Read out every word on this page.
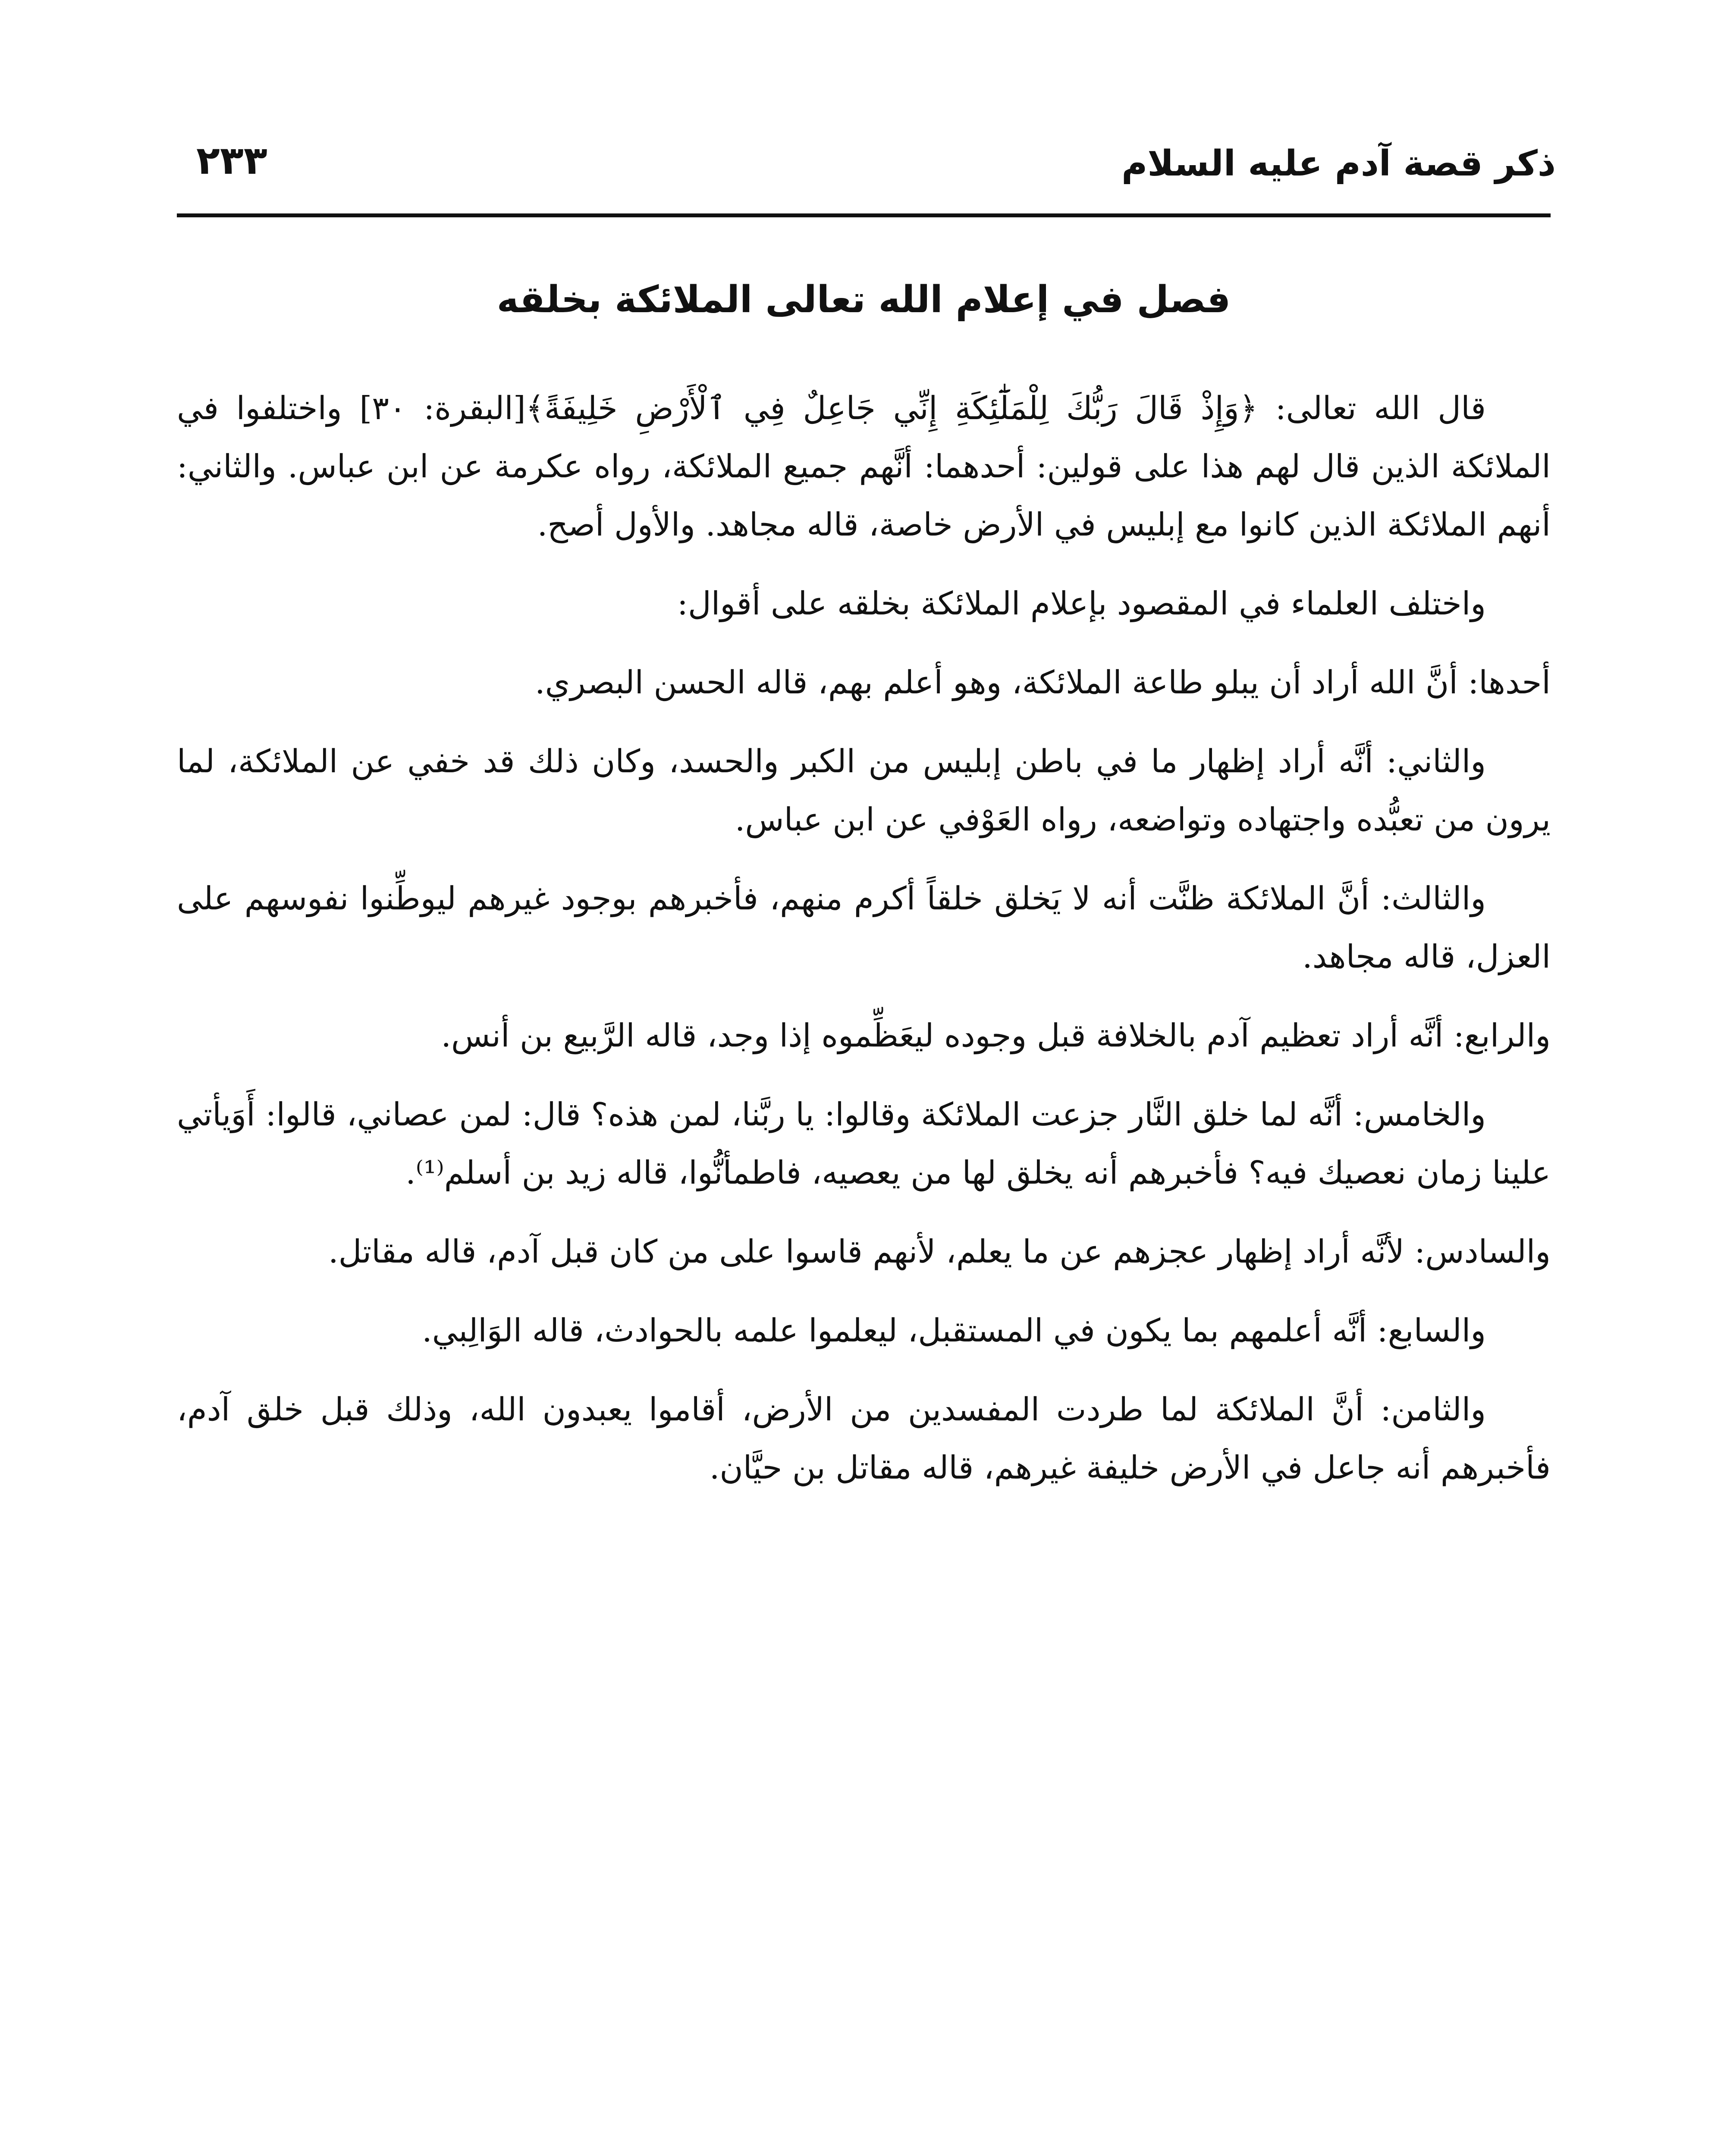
ذكر قصة آدم عليه السلام
٢٣٣
فصل في إعلام الله تعالى الملائكة بخلقه

قال الله تعالى: ﴿وَإِذْ قَالَ رَبُّكَ لِلْمَلَٰٓئِكَةِ إِنِّي جَاعِلٌ فِي ٱلْأَرْضِ خَلِيفَةً﴾[البقرة: ٣٠] واختلفوا في الملائكة الذين قال لهم هذا على قولين: أحدهما: أنَّهم جميع الملائكة، رواه عكرمة عن ابن عباس. والثاني: أنهم الملائكة الذين كانوا مع إبليس في الأرض خاصة، قاله مجاهد. والأول أصح.

واختلف العلماء في المقصود بإعلام الملائكة بخلقه على أقوال:

أحدها: أنَّ الله أراد أن يبلو طاعة الملائكة، وهو أعلم بهم، قاله الحسن البصري.

والثاني: أنَّه أراد إظهار ما في باطن إبليس من الكبر والحسد، وكان ذلك قد خفي عن الملائكة، لما يرون من تعبُّده واجتهاده وتواضعه، رواه العَوْفي عن ابن عباس.

والثالث: أنَّ الملائكة ظنَّت أنه لا يَخلق خلقاً أكرم منهم، فأخبرهم بوجود غيرهم ليوطِّنوا نفوسهم على العزل، قاله مجاهد.

والرابع: أنَّه أراد تعظيم آدم بالخلافة قبل وجوده ليعَظِّموه إذا وجد، قاله الرَّبيع بن أنس.

والخامس: أنَّه لما خلق النَّار جزعت الملائكة وقالوا: يا ربَّنا، لمن هذه؟ قال: لمن عصاني، قالوا: أَوَيأتي علينا زمان نعصيك فيه؟ فأخبرهم أنه يخلق لها من يعصيه، فاطمأنُّوا، قاله زيد بن أسلم⁽¹⁾.

والسادس: لأنَّه أراد إظهار عجزهم عن ما يعلم، لأنهم قاسوا على من كان قبل آدم، قاله مقاتل.

والسابع: أنَّه أعلمهم بما يكون في المستقبل، ليعلموا علمه بالحوادث، قاله الوَالِبي.

والثامن: أنَّ الملائكة لما طردت المفسدين من الأرض، أقاموا يعبدون الله، وذلك قبل خلق آدم، فأخبرهم أنه جاعل في الأرض خليفة غيرهم، قاله مقاتل بن حيَّان.
